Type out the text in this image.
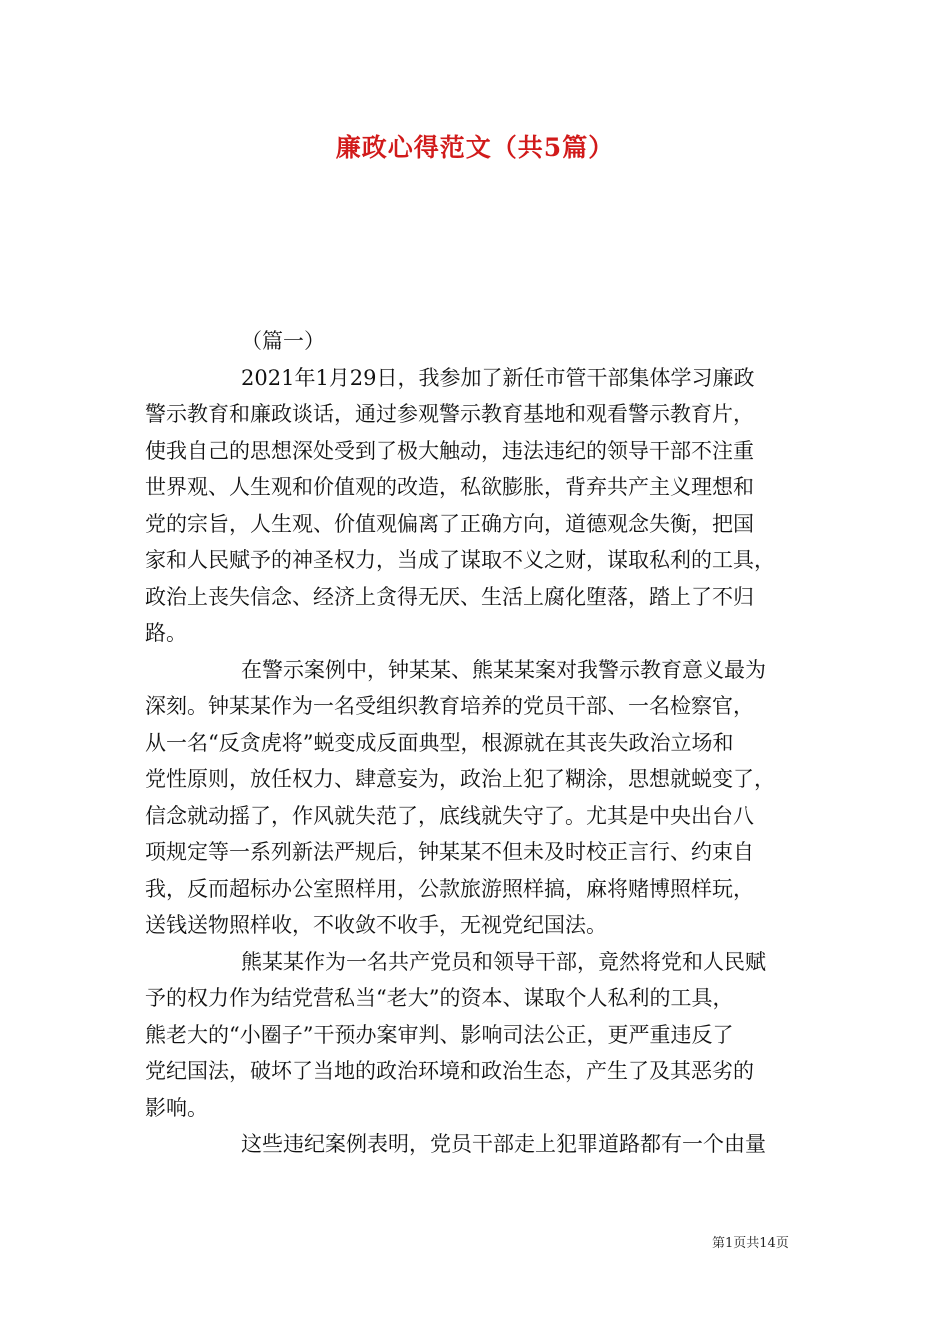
廉政心得范文（共5篇）
（篇一）

2021年1月29日，我参加了新任市管干部集体学习廉政
警示教育和廉政谈话，通过参观警示教育基地和观看警示教育片，
使我自己的思想深处受到了极大触动，违法违纪的领导干部不注重
世界观、人生观和价值观的改造，私欲膨胀，背弃共产主义理想和
党的宗旨，人生观、价值观偏离了正确方向，道德观念失衡，把国
家和人民赋予的神圣权力，当成了谋取不义之财，谋取私利的工具，
政治上丧失信念、经济上贪得无厌、生活上腐化堕落，踏上了不归
路。

在警示案例中，钟某某、熊某某案对我警示教育意义最为
深刻。钟某某作为一名受组织教育培养的党员干部、一名检察官，
从一名“反贪虎将”蜕变成反面典型，根源就在其丧失政治立场和
党性原则，放任权力、肆意妄为，政治上犯了糊涂，思想就蜕变了，
信念就动摇了，作风就失范了，底线就失守了。尤其是中央出台八
项规定等一系列新法严规后，钟某某不但未及时校正言行、约束自
我，反而超标办公室照样用，公款旅游照样搞，麻将赌博照样玩，
送钱送物照样收，不收敛不收手，无视党纪国法。

熊某某作为一名共产党员和领导干部，竟然将党和人民赋
予的权力作为结党营私当“老大”的资本、谋取个人私利的工具，
熊老大的“小圈子”干预办案审判、影响司法公正，更严重违反了
党纪国法，破坏了当地的政治环境和政治生态，产生了及其恶劣的
影响。

这些违纪案例表明，党员干部走上犯罪道路都有一个由量

第1页共14页
